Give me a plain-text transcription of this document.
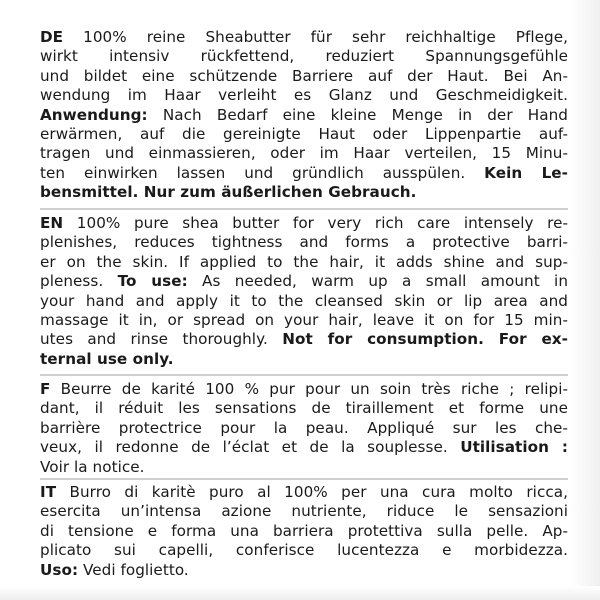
DE 100% reine Sheabutter für sehr reichhaltige Pflege,
wirkt intensiv rückfettend, reduziert Spannungsgefühle
und bildet eine schützende Barriere auf der Haut. Bei An-
wendung im Haar verleiht es Glanz und Geschmeidigkeit.
Anwendung: Nach Bedarf eine kleine Menge in der Hand
erwärmen, auf die gereinigte Haut oder Lippenpartie auf-
tragen und einmassieren, oder im Haar verteilen, 15 Minu-
ten einwirken lassen und gründlich ausspülen. Kein Le-
bensmittel. Nur zum äußerlichen Gebrauch.
EN 100% pure shea butter for very rich care intensely re-
plenishes, reduces tightness and forms a protective barri-
er on the skin. If applied to the hair, it adds shine and sup-
pleness. To use: As needed, warm up a small amount in
your hand and apply it to the cleansed skin or lip area and
massage it in, or spread on your hair, leave it on for 15 min-
utes and rinse thoroughly. Not for consumption. For ex-
ternal use only.
F Beurre de karité 100 % pur pour un soin très riche ; relipi-
dant, il réduit les sensations de tiraillement et forme une
barrière protectrice pour la peau. Appliqué sur les che-
veux, il redonne de l’éclat et de la souplesse. Utilisation :
Voir la notice.
IT Burro di karitè puro al 100% per una cura molto ricca,
esercita un’intensa azione nutriente, riduce le sensazioni
di tensione e forma una barriera protettiva sulla pelle. Ap-
plicato sui capelli, conferisce lucentezza e morbidezza.
Uso: Vedi foglietto.
